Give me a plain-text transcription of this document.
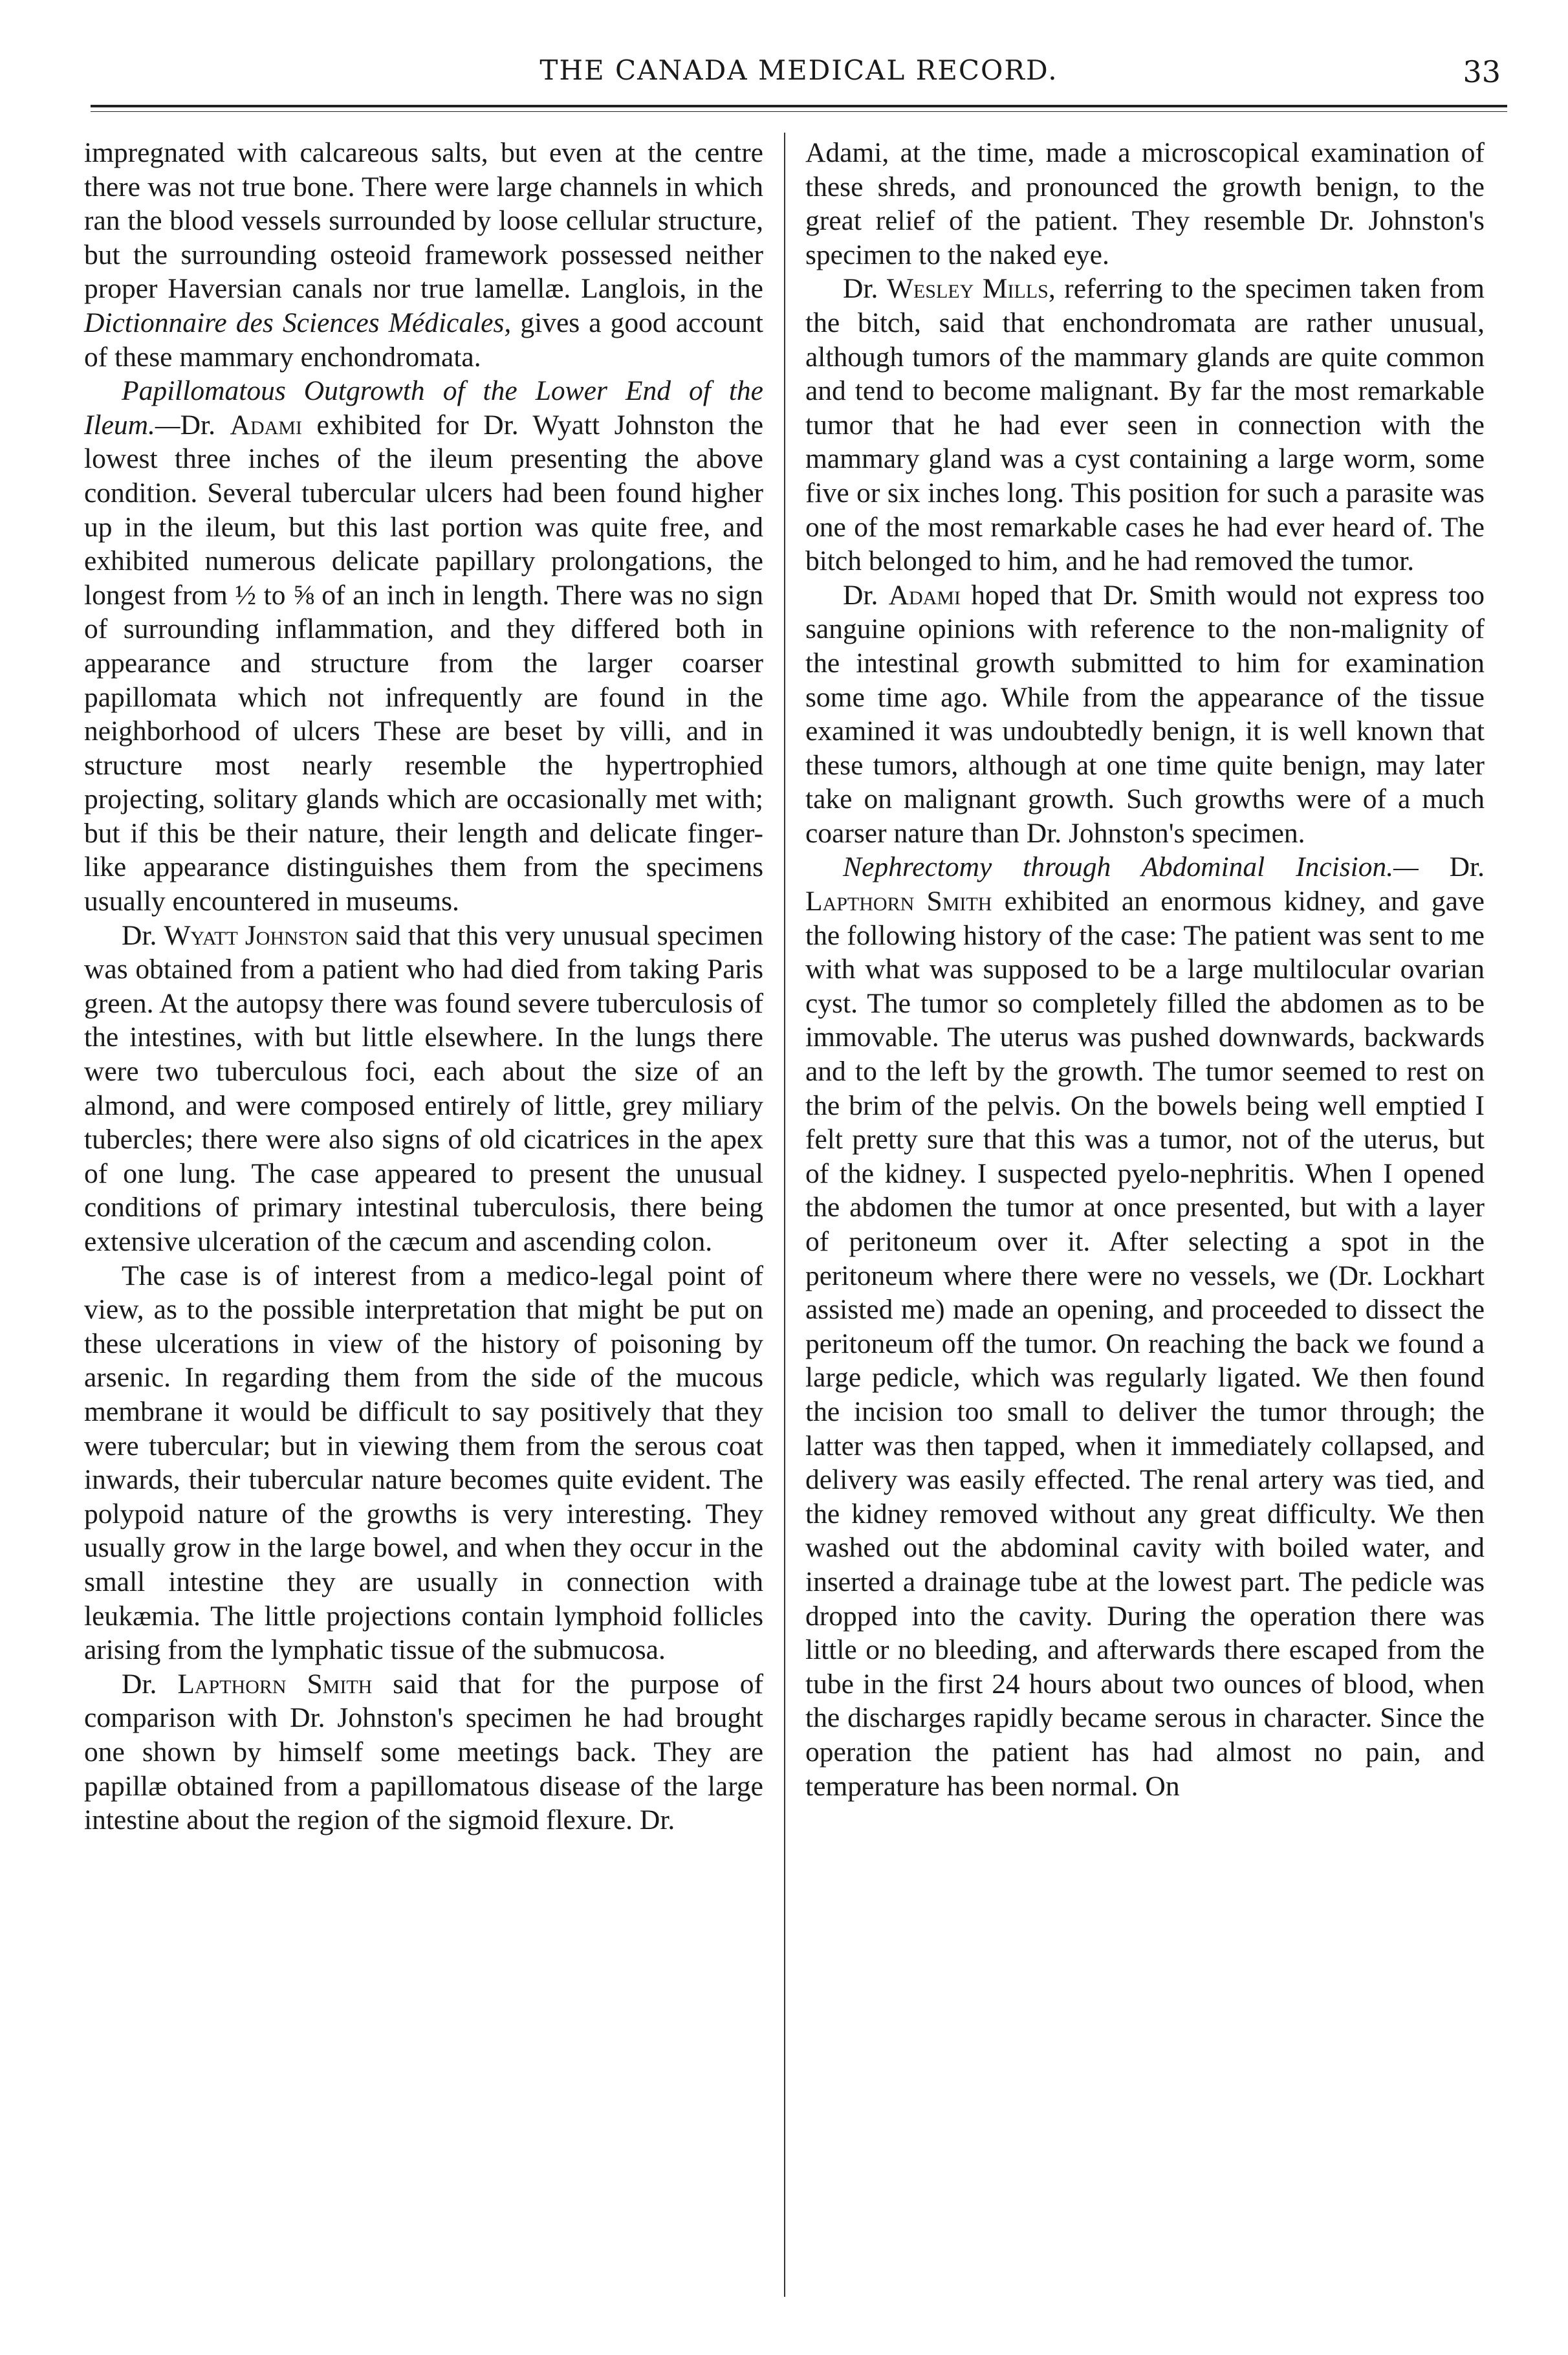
THE CANADA MEDICAL RECORD.	33

impregnated with calcareous salts, but even at the centre there was not true bone. There were large channels in which ran the blood vessels surrounded by loose cellular structure, but the surrounding osteoid framework possessed neither proper Haversian canals nor true lamellæ. Langlois, in the Dictionnaire des Sciences Médicales, gives a good account of these mammary enchondromata.

Papillomatous Outgrowth of the Lower End of the Ileum.—Dr. Adami exhibited for Dr. Wyatt Johnston the lowest three inches of the ileum presenting the above condition. Several tubercular ulcers had been found higher up in the ileum, but this last portion was quite free, and exhibited numerous delicate papillary prolongations, the longest from ½ to ⅝ of an inch in length. There was no sign of surrounding inflammation, and they differed both in appearance and structure from the larger coarser papillomata which not infrequently are found in the neighborhood of ulcers These are beset by villi, and in structure most nearly resemble the hypertrophied projecting, solitary glands which are occasionally met with; but if this be their nature, their length and delicate finger-like appearance distinguishes them from the specimens usually encountered in museums.

Dr. Wyatt Johnston said that this very unusual specimen was obtained from a patient who had died from taking Paris green. At the autopsy there was found severe tuberculosis of the intestines, with but little elsewhere. In the lungs there were two tuberculous foci, each about the size of an almond, and were composed entirely of little, grey miliary tubercles; there were also signs of old cicatrices in the apex of one lung. The case appeared to present the unusual conditions of primary intestinal tuberculosis, there being extensive ulceration of the cæcum and ascending colon.

The case is of interest from a medico-legal point of view, as to the possible interpretation that might be put on these ulcerations in view of the history of poisoning by arsenic. In regarding them from the side of the mucous membrane it would be difficult to say positively that they were tubercular; but in viewing them from the serous coat inwards, their tubercular nature becomes quite evident. The polypoid nature of the growths is very interesting. They usually grow in the large bowel, and when they occur in the small intestine they are usually in connection with leukæmia. The little projections contain lymphoid follicles arising from the lymphatic tissue of the submucosa.

Dr. Lapthorn Smith said that for the purpose of comparison with Dr. Johnston's specimen he had brought one shown by himself some meetings back. They are papillæ obtained from a papillomatous disease of the large intestine about the region of the sigmoid flexure. Dr.

Adami, at the time, made a microscopical examination of these shreds, and pronounced the growth benign, to the great relief of the patient. They resemble Dr. Johnston's specimen to the naked eye.

Dr. Wesley Mills, referring to the specimen taken from the bitch, said that enchondromata are rather unusual, although tumors of the mammary glands are quite common and tend to become malignant. By far the most remarkable tumor that he had ever seen in connection with the mammary gland was a cyst containing a large worm, some five or six inches long. This position for such a parasite was one of the most remarkable cases he had ever heard of. The bitch belonged to him, and he had removed the tumor.

Dr. Adami hoped that Dr. Smith would not express too sanguine opinions with reference to the non-malignity of the intestinal growth submitted to him for examination some time ago. While from the appearance of the tissue examined it was undoubtedly benign, it is well known that these tumors, although at one time quite benign, may later take on malignant growth. Such growths were of a much coarser nature than Dr. Johnston's specimen.

Nephrectomy through Abdominal Incision.— Dr. Lapthorn Smith exhibited an enormous kidney, and gave the following history of the case: The patient was sent to me with what was supposed to be a large multilocular ovarian cyst. The tumor so completely filled the abdomen as to be immovable. The uterus was pushed downwards, backwards and to the left by the growth. The tumor seemed to rest on the brim of the pelvis. On the bowels being well emptied I felt pretty sure that this was a tumor, not of the uterus, but of the kidney. I suspected pyelo-nephritis. When I opened the abdomen the tumor at once presented, but with a layer of peritoneum over it. After selecting a spot in the peritoneum where there were no vessels, we (Dr. Lockhart assisted me) made an opening, and proceeded to dissect the peritoneum off the tumor. On reaching the back we found a large pedicle, which was regularly ligated. We then found the incision too small to deliver the tumor through; the latter was then tapped, when it immediately collapsed, and delivery was easily effected. The renal artery was tied, and the kidney removed without any great difficulty. We then washed out the abdominal cavity with boiled water, and inserted a drainage tube at the lowest part. The pedicle was dropped into the cavity. During the operation there was little or no bleeding, and afterwards there escaped from the tube in the first 24 hours about two ounces of blood, when the discharges rapidly became serous in character. Since the operation the patient has had almost no pain, and temperature has been normal. On
